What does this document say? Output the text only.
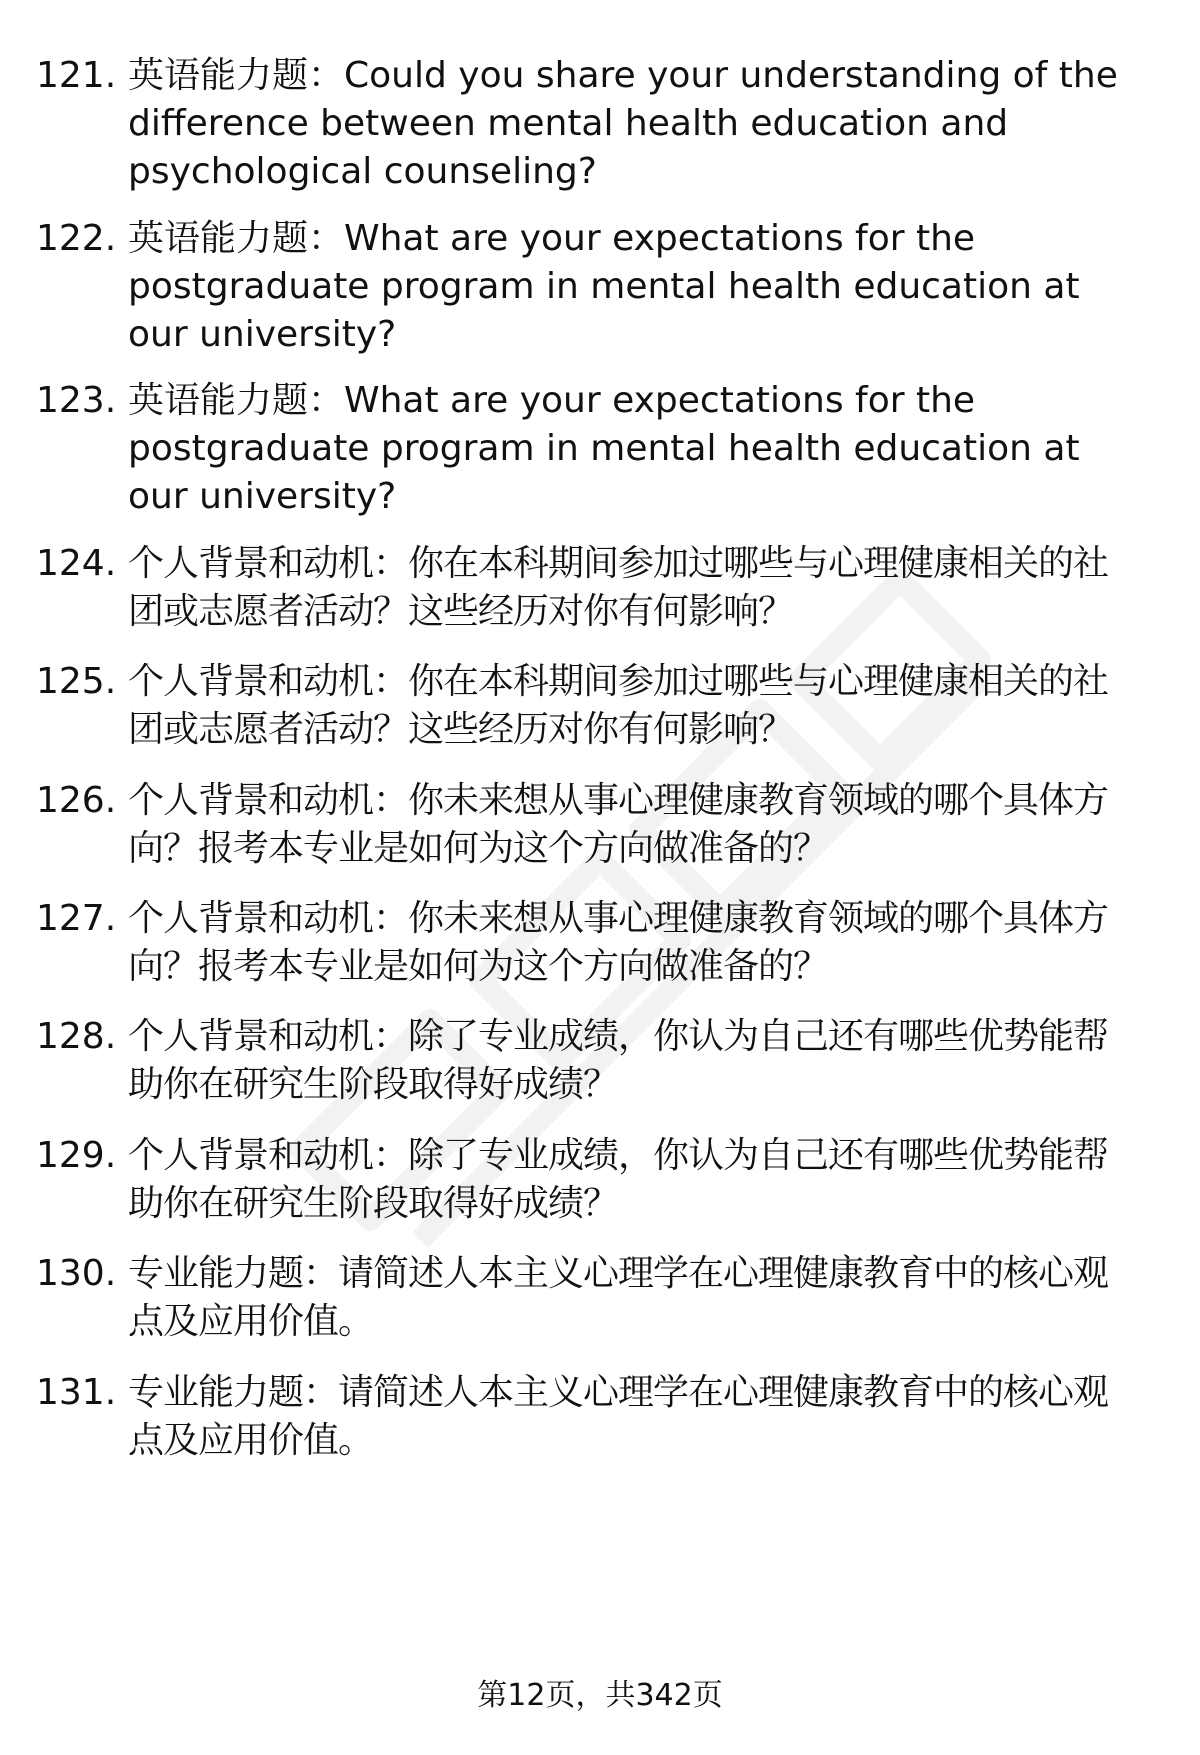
121. 英语能力题：Could you share your understanding of the difference between mental health education and psychological counseling?
122. 英语能力题：What are your expectations for the postgraduate program in mental health education at our university?
123. 英语能力题：What are your expectations for the postgraduate program in mental health education at our university?
124. 个人背景和动机：你在本科期间参加过哪些与心理健康相关的社团或志愿者活动？这些经历对你有何影响？
125. 个人背景和动机：你在本科期间参加过哪些与心理健康相关的社团或志愿者活动？这些经历对你有何影响？
126. 个人背景和动机：你未来想从事心理健康教育领域的哪个具体方向？报考本专业是如何为这个方向做准备的？
127. 个人背景和动机：你未来想从事心理健康教育领域的哪个具体方向？报考本专业是如何为这个方向做准备的？
128. 个人背景和动机：除了专业成绩，你认为自己还有哪些优势能帮助你在研究生阶段取得好成绩？
129. 个人背景和动机：除了专业成绩，你认为自己还有哪些优势能帮助你在研究生阶段取得好成绩？
130. 专业能力题：请简述人本主义心理学在心理健康教育中的核心观点及应用价值。
131. 专业能力题：请简述人本主义心理学在心理健康教育中的核心观点及应用价值。
第12页，共342页
